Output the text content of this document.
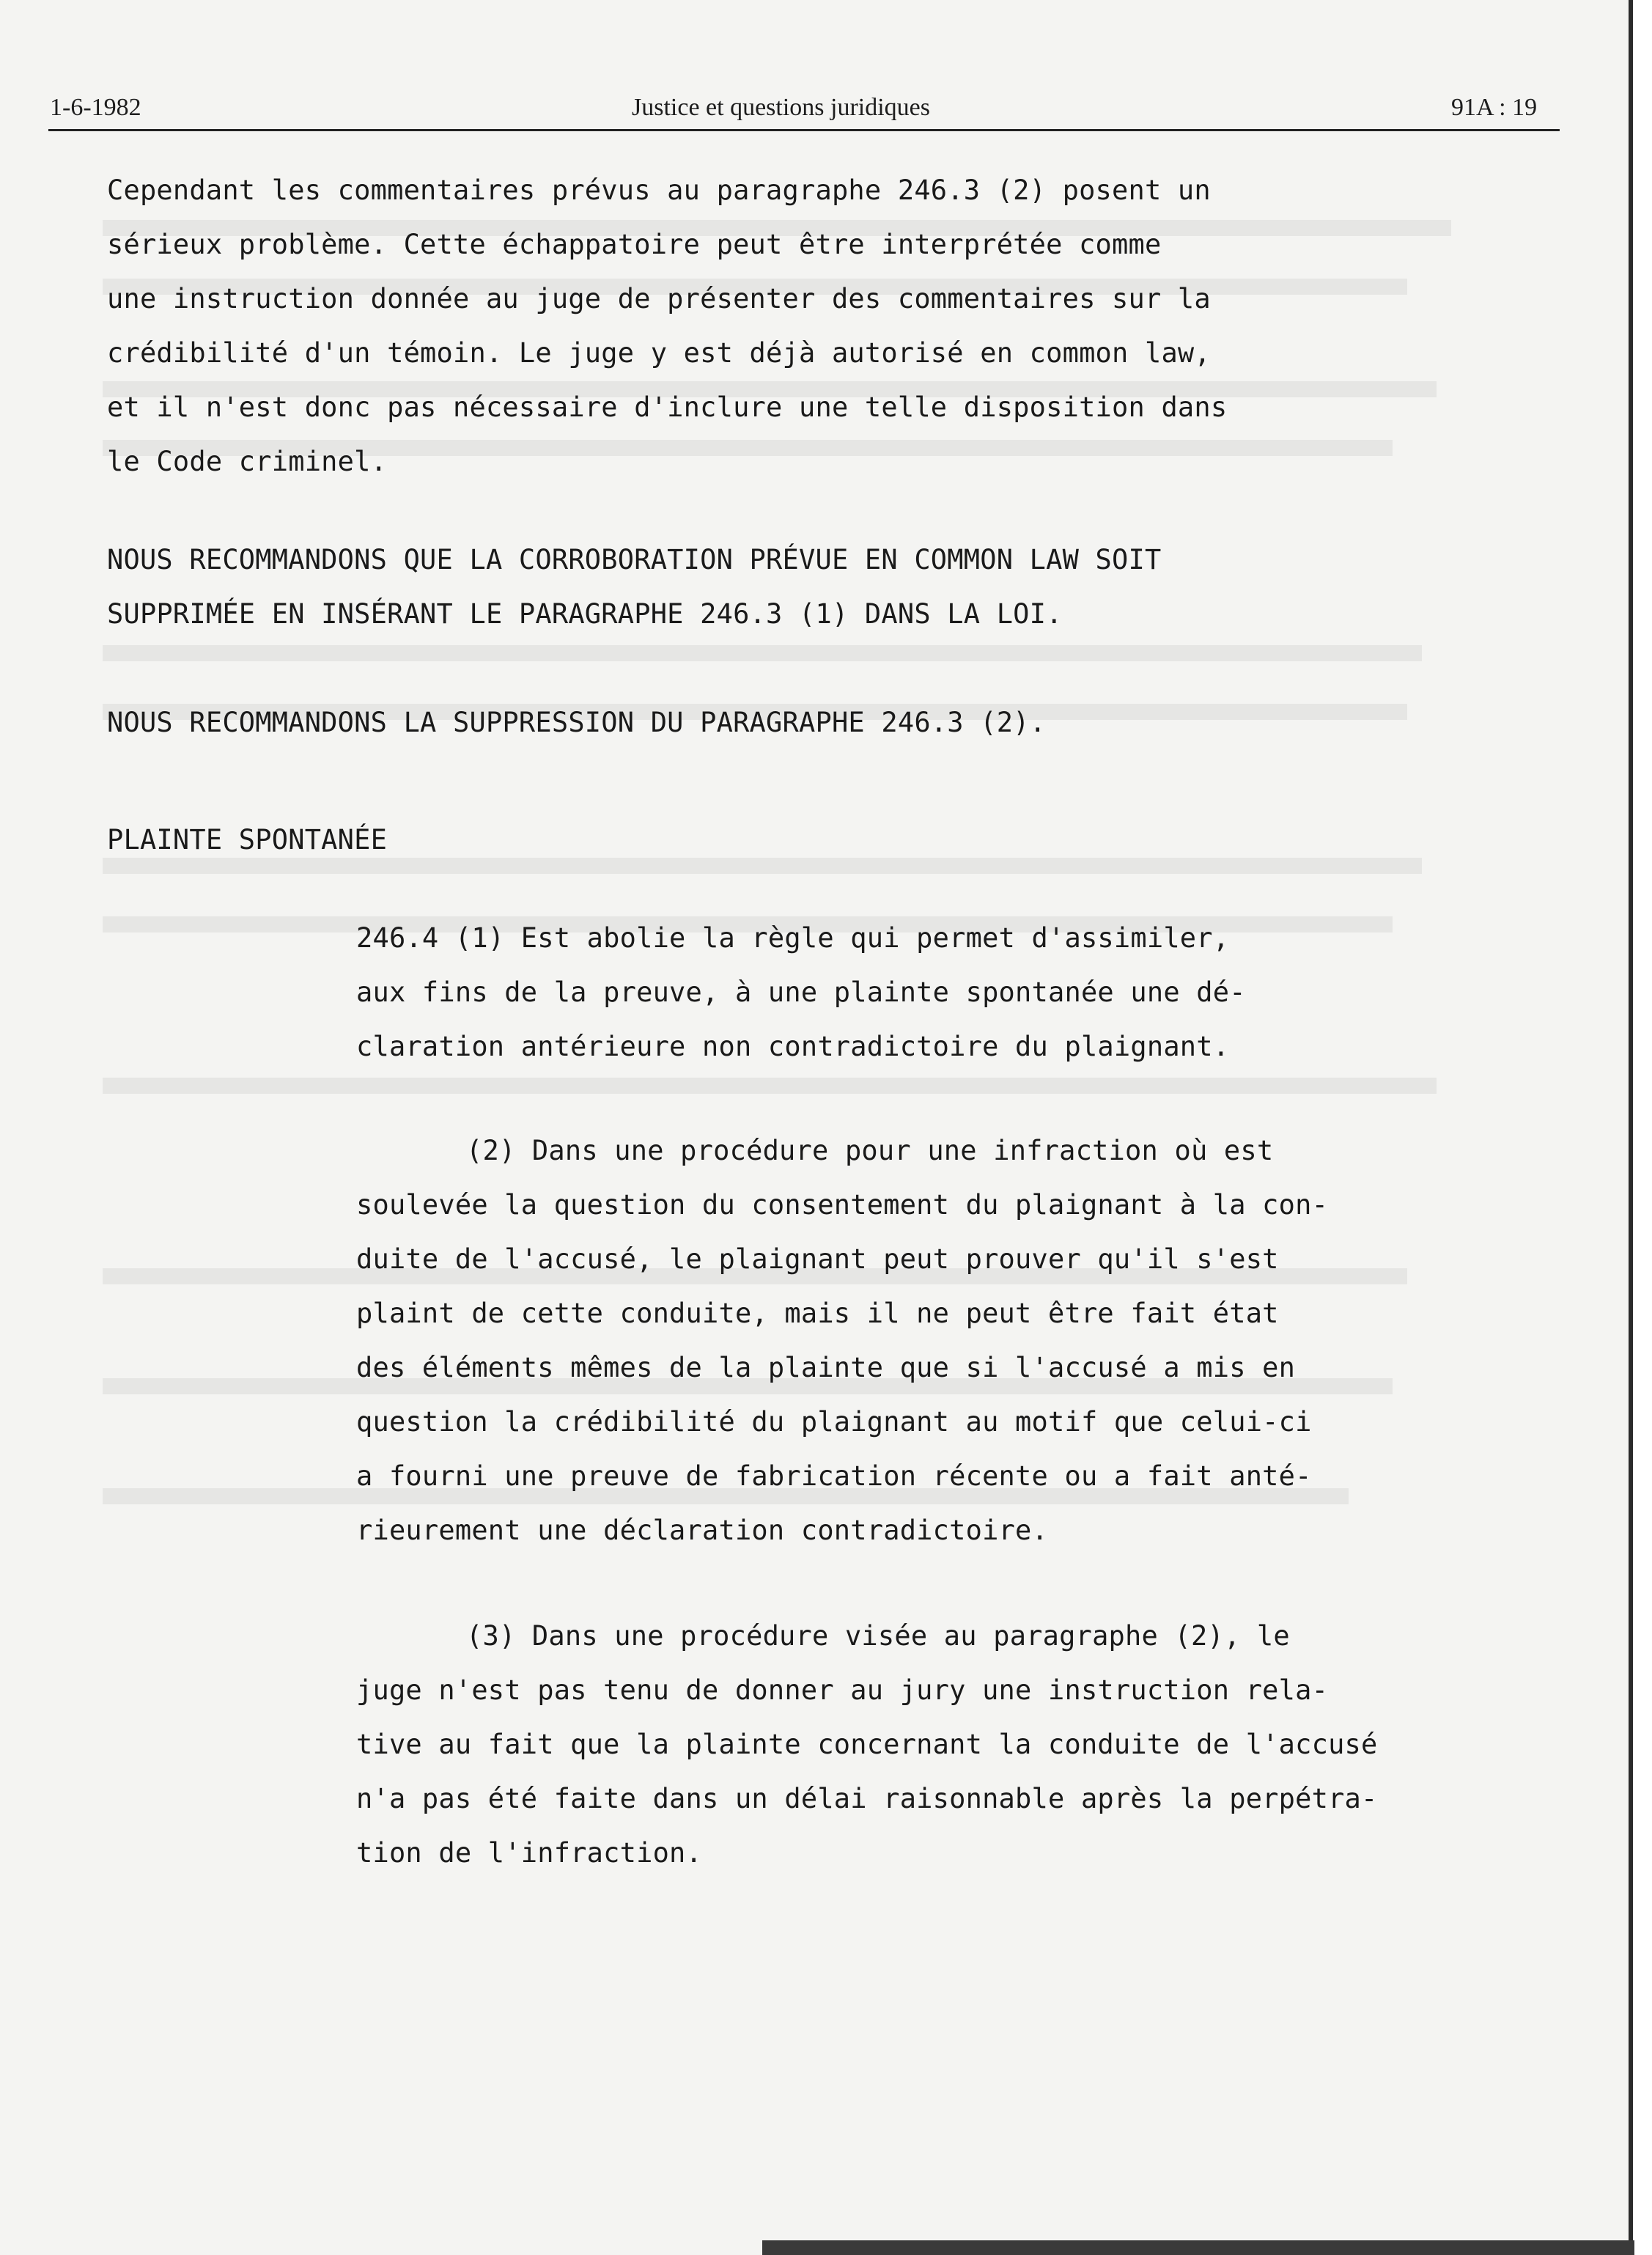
1-6-1982	Justice et questions juridiques	91A : 19
Cependant les commentaires prévus au paragraphe 246.3 (2) posent un
sérieux problème. Cette échappatoire peut être interprétée comme
une instruction donnée au juge de présenter des commentaires sur la
crédibilité d'un témoin. Le juge y est déjà autorisé en common law,
et il n'est donc pas nécessaire d'inclure une telle disposition dans
le Code criminel.
NOUS RECOMMANDONS QUE LA CORROBORATION PRÉVUE EN COMMON LAW SOIT
SUPPRIMÉE EN INSÉRANT LE PARAGRAPHE 246.3 (1) DANS LA LOI.
NOUS RECOMMANDONS LA SUPPRESSION DU PARAGRAPHE 246.3 (2).
PLAINTE SPONTANÉE
246.4 (1) Est abolie la règle qui permet d'assimiler,
aux fins de la preuve, à une plainte spontanée une dé-
claration antérieure non contradictoire du plaignant.
(2) Dans une procédure pour une infraction où est
soulevée la question du consentement du plaignant à la con-
duite de l'accusé, le plaignant peut prouver qu'il s'est
plaint de cette conduite, mais il ne peut être fait état
des éléments mêmes de la plainte que si l'accusé a mis en
question la crédibilité du plaignant au motif que celui-ci
a fourni une preuve de fabrication récente ou a fait anté-
rieurement une déclaration contradictoire.
(3) Dans une procédure visée au paragraphe (2), le
juge n'est pas tenu de donner au jury une instruction rela-
tive au fait que la plainte concernant la conduite de l'accusé
n'a pas été faite dans un délai raisonnable après la perpétra-
tion de l'infraction.
